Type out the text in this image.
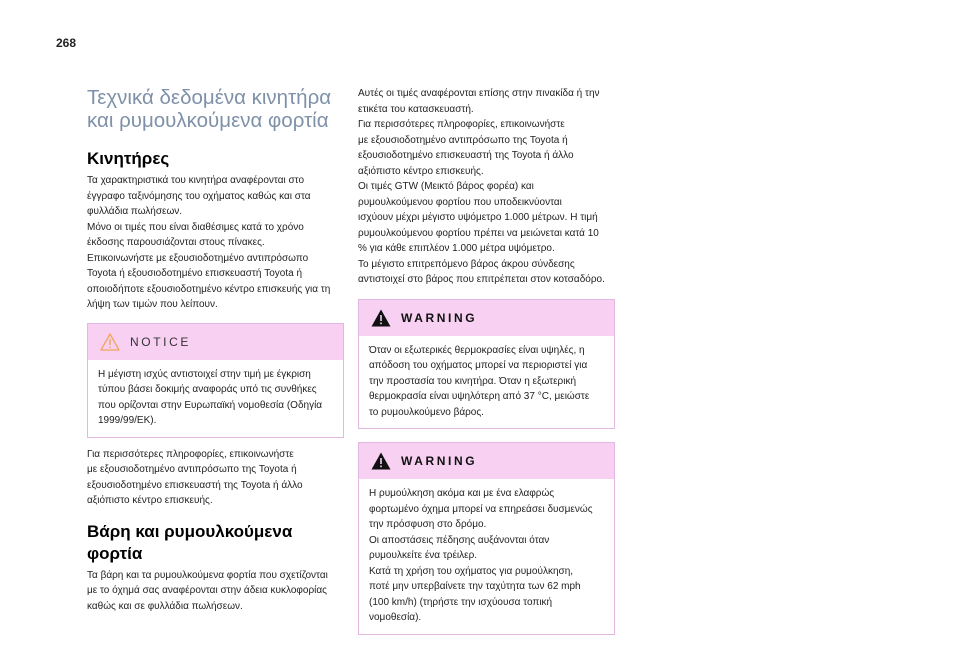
268
Τεχνικά δεδομένα κινητήρα
και ρυμουλκούμενα φορτία
Κινητήρες

Τα χαρακτηριστικά του κινητήρα αναφέρονται στο
έγγραφο ταξινόμησης του οχήματος καθώς και στα
φυλλάδια πωλήσεων.
Μόνο οι τιμές που είναι διαθέσιμες κατά το χρόνο
έκδοσης παρουσιάζονται στους πίνακες.
Επικοινωνήστε με εξουσιοδοτημένο αντιπρόσωπο
Toyota ή εξουσιοδοτημένο επισκευαστή Toyota ή
οποιοδήποτε εξουσιοδοτημένο κέντρο επισκευής για τη
λήψη των τιμών που λείπουν.

NOTICE

Η μέγιστη ισχύς αντιστοιχεί στην τιμή με έγκριση
τύπου βάσει δοκιμής αναφοράς υπό τις συνθήκες
που ορίζονται στην Ευρωπαϊκή νομοθεσία (Οδηγία
1999/99/ΕΚ).

Για περισσότερες πληροφορίες, επικοινωνήστε
με εξουσιοδοτημένο αντιπρόσωπο της Toyota ή
εξουσιοδοτημένο επισκευαστή της Toyota ή άλλο
αξιόπιστο κέντρο επισκευής.

Βάρη και ρυμουλκούμενα
φορτία

Τα βάρη και τα ρυμουλκούμενα φορτία που σχετίζονται
με το όχημά σας αναφέρονται στην άδεια κυκλοφορίας
καθώς και σε φυλλάδια πωλήσεων.

Αυτές οι τιμές αναφέρονται επίσης στην πινακίδα ή την
ετικέτα του κατασκευαστή.
Για περισσότερες πληροφορίες, επικοινωνήστε
με εξουσιοδοτημένο αντιπρόσωπο της Toyota ή
εξουσιοδοτημένο επισκευαστή της Toyota ή άλλο
αξιόπιστο κέντρο επισκευής.
Οι τιμές GTW (Μεικτό βάρος φορέα) και
ρυμουλκούμενου φορτίου που υποδεικνύονται
ισχύουν μέχρι μέγιστο υψόμετρο 1.000 μέτρων. Η τιμή
ρυμουλκούμενου φορτίου πρέπει να μειώνεται κατά 10
% για κάθε επιπλέον 1.000 μέτρα υψόμετρο.
Το μέγιστο επιτρεπόμενο βάρος άκρου σύνδεσης
αντιστοιχεί στο βάρος που επιτρέπεται στον κοτσαδόρο.

WARNING

Όταν οι εξωτερικές θερμοκρασίες είναι υψηλές, η
απόδοση του οχήματος μπορεί να περιοριστεί για
την προστασία του κινητήρα. Όταν η εξωτερική
θερμοκρασία είναι υψηλότερη από 37 °C, μειώστε
το ρυμουλκούμενο βάρος.

WARNING

Η ρυμούλκηση ακόμα και με ένα ελαφρώς
φορτωμένο όχημα μπορεί να επηρεάσει δυσμενώς
την πρόσφυση στο δρόμο.
Οι αποστάσεις πέδησης αυξάνονται όταν
ρυμουλκείτε ένα τρέιλερ.
Κατά τη χρήση του οχήματος για ρυμούλκηση,
ποτέ μην υπερβαίνετε την ταχύτητα των 62 mph
(100 km/h) (τηρήστε την ισχύουσα τοπική
νομοθεσία).
